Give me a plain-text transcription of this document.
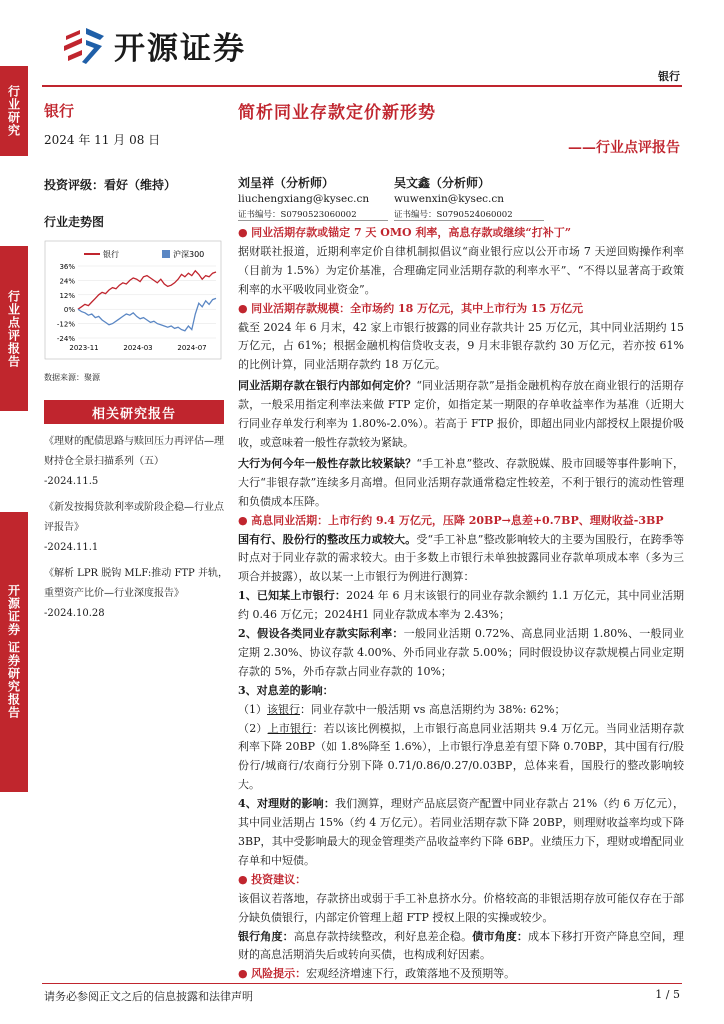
开源证券
银行
行业研究
行业点评报告
开源证券 证券研究报告
银行
2024 年 11 月 08 日
投资评级：看好（维持）
行业走势图
银行	沪深300
36%
24%
12%
0%
-12%
-24%
2023-11	2024-03	2024-07
数据来源：聚源
相关研究报告
《理财的配债思路与赎回压力再评估—理财持仓全景扫描系列（五）
-2024.11.5
《新发按揭贷款利率或阶段企稳—行业点评报告》
-2024.11.1
《解析 LPR 脱钩 MLF:推动 FTP 并轨，重塑资产比价—行业深度报告》
-2024.10.28
简析同业存款定价新形势
——行业点评报告
刘呈祥（分析师）
liuchengxiang@kysec.cn
证书编号：S0790523060002
吴文鑫（分析师）
wuwenxin@kysec.cn
证书编号：S0790524060002

● 同业活期存款或锚定 7 天 OMO 利率，高息存款或继续“打补丁”

据财联社报道，近期利率定价自律机制拟倡议“商业银行应以公开市场 7 天逆回购操作利率（目前为 1.5%）为定价基准，合理确定同业活期存款的利率水平”、“不得以显著高于政策利率的水平吸收同业资金”。

● 同业活期存款规模：全市场约 18 万亿元，其中上市行为 15 万亿元

截至 2024 年 6 月末，42 家上市银行披露的同业存款共计 25 万亿元，其中同业活期约 15 万亿元，占 61%；根据金融机构信贷收支表，9 月末非银存款约 30 万亿元，若亦按 61%的比例计算，同业活期存款约 18 万亿元。

同业活期存款在银行内部如何定价？“同业活期存款”是指金融机构存放在商业银行的活期存款，一般采用指定利率法来做 FTP 定价，如指定某一期限的存单收益率作为基准（近期大行同业存单发行利率为 1.80%-2.0%）。若高于 FTP 报价，即超出同业内部授权上限提价吸收，或意味着一般性存款较为紧缺。

大行为何今年一般性存款比较紧缺？“手工补息”整改、存款脱媒、股市回暖等事件影响下，大行“非银存款”连续多月高增。但同业活期存款通常稳定性较差，不利于银行的流动性管理和负债成本压降。

● 高息同业活期：上市行约 9.4 万亿元，压降 20BP→息差+0.7BP、理财收益-3BP

国有行、股份行的整改压力或较大。受“手工补息”整改影响较大的主要为国股行，在跨季等时点对于同业存款的需求较大。由于多数上市银行未单独披露同业存款单项成本率（多为三项合并披露），故以某一上市银行为例进行测算：

1、已知某上市银行：2024 年 6 月末该银行的同业存款余额约 1.1 万亿元，其中同业活期约 0.46 万亿元；2024H1 同业存款成本率为 2.43%；

2、假设各类同业存款实际利率：一般同业活期 0.72%、高息同业活期 1.80%、一般同业定期 2.30%、协议存款 4.00%、外币同业存款 5.00%；同时假设协议存款规模占同业定期存款的 5%，外币存款占同业存款的 10%；

3、对息差的影响：

（1）该银行：同业存款中一般活期 vs 高息活期约为 38%: 62%；

（2）上市银行：若以该比例模拟，上市银行高息同业活期共 9.4 万亿元。当同业活期存款利率下降 20BP（如 1.8%降至 1.6%），上市银行净息差有望下降 0.70BP，其中国有行/股份行/城商行/农商行分别下降 0.71/0.86/0.27/0.03BP，总体来看，国股行的整改影响较大。

4、对理财的影响：我们测算，理财产品底层资产配置中同业存款占 21%（约 6 万亿元），其中同业活期占 15%（约 4 万亿元）。若同业活期存款下降 20BP，则理财收益率均或下降 3BP，其中受影响最大的现金管理类产品收益率约下降 6BP。业绩压力下，理财或增配同业存单和中短债。

● 投资建议：

该倡议若落地，存款挤出或弱于手工补息挤水分。价格较高的非银活期存放可能仅存在于部分缺负债银行，内部定价管理上超 FTP 授权上限的实操或较少。

银行角度：高息存款持续整改，利好息差企稳。债市角度：成本下移打开资产降息空间，理财的高息活期消失后或转向买债，也构成利好因素。

● 风险提示：宏观经济增速下行，政策落地不及预期等。

请务必参阅正文之后的信息披露和法律声明	1 / 5
